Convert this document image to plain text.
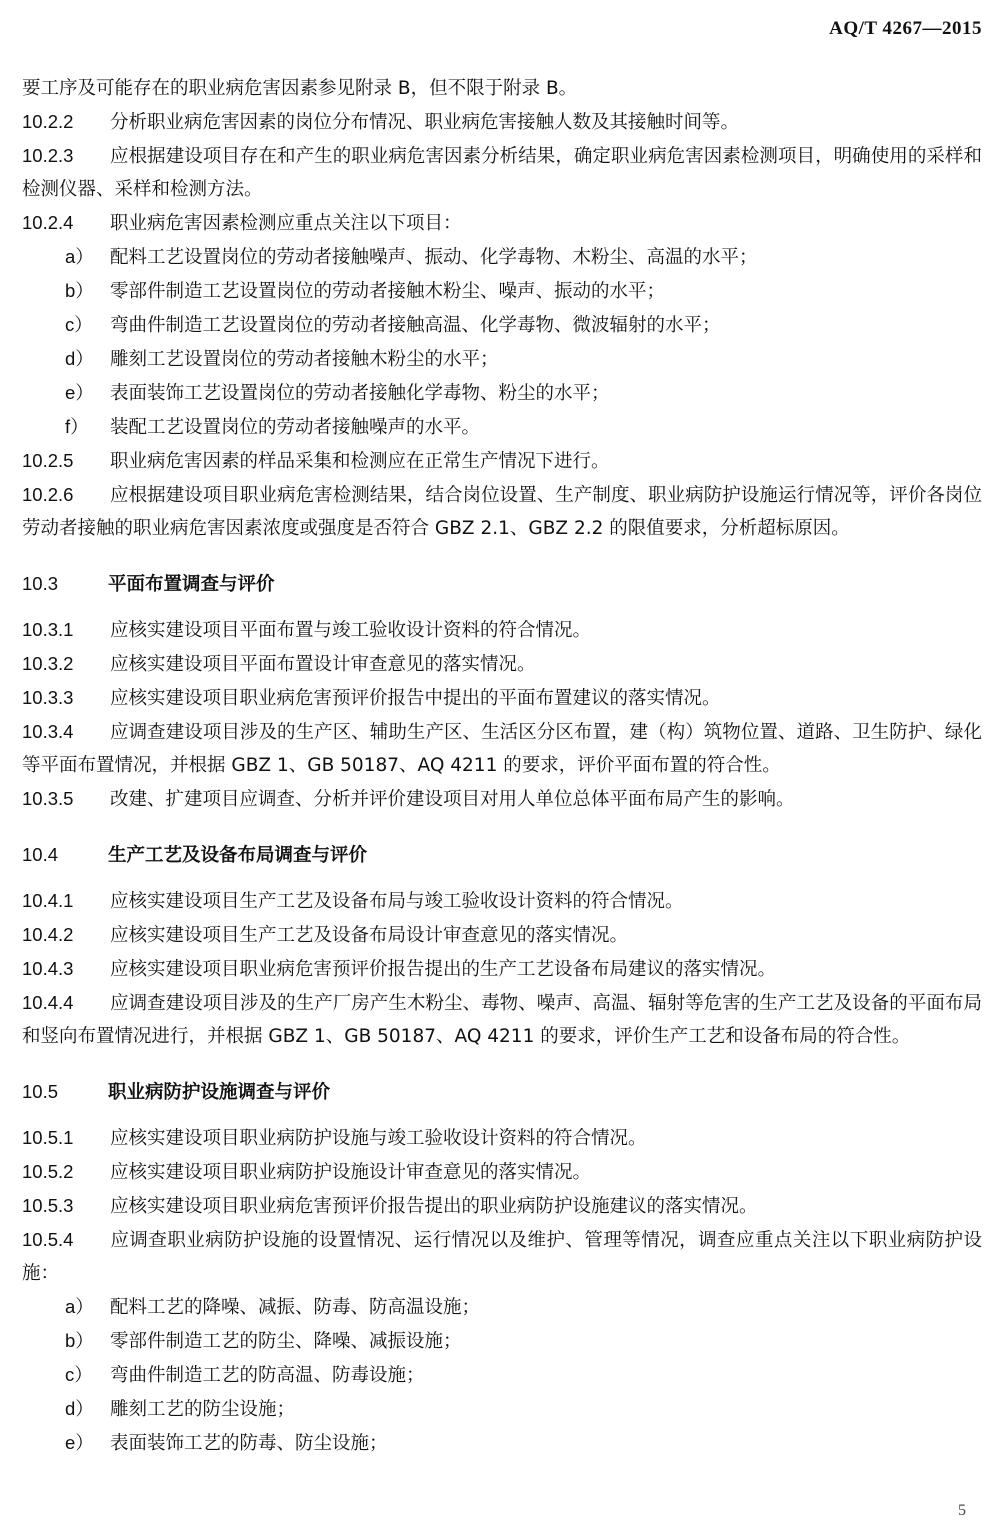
AQ/T 4267—2015

要工序及可能存在的职业病危害因素参见附录 B，但不限于附录 B。

10.2.2 分析职业病危害因素的岗位分布情况、职业病危害接触人数及其接触时间等。

10.2.3 应根据建设项目存在和产生的职业病危害因素分析结果，确定职业病危害因素检测项目，明确使用的采样和检测仪器、采样和检测方法。

10.2.4 职业病危害因素检测应重点关注以下项目：

a） 配料工艺设置岗位的劳动者接触噪声、振动、化学毒物、木粉尘、高温的水平；

b） 零部件制造工艺设置岗位的劳动者接触木粉尘、噪声、振动的水平；

c） 弯曲件制造工艺设置岗位的劳动者接触高温、化学毒物、微波辐射的水平；

d） 雕刻工艺设置岗位的劳动者接触木粉尘的水平；

e） 表面装饰工艺设置岗位的劳动者接触化学毒物、粉尘的水平；

f） 装配工艺设置岗位的劳动者接触噪声的水平。

10.2.5 职业病危害因素的样品采集和检测应在正常生产情况下进行。

10.2.6 应根据建设项目职业病危害检测结果，结合岗位设置、生产制度、职业病防护设施运行情况等，评价各岗位劳动者接触的职业病危害因素浓度或强度是否符合 GBZ 2.1、GBZ 2.2 的限值要求，分析超标原因。

10.3	平面布置调查与评价

10.3.1 应核实建设项目平面布置与竣工验收设计资料的符合情况。

10.3.2 应核实建设项目平面布置设计审查意见的落实情况。

10.3.3 应核实建设项目职业病危害预评价报告中提出的平面布置建议的落实情况。

10.3.4 应调查建设项目涉及的生产区、辅助生产区、生活区分区布置，建（构）筑物位置、道路、卫生防护、绿化等平面布置情况，并根据 GBZ 1、GB 50187、AQ 4211 的要求，评价平面布置的符合性。

10.3.5 改建、扩建项目应调查、分析并评价建设项目对用人单位总体平面布局产生的影响。

10.4	生产工艺及设备布局调查与评价

10.4.1 应核实建设项目生产工艺及设备布局与竣工验收设计资料的符合情况。

10.4.2 应核实建设项目生产工艺及设备布局设计审查意见的落实情况。

10.4.3 应核实建设项目职业病危害预评价报告提出的生产工艺设备布局建议的落实情况。

10.4.4 应调查建设项目涉及的生产厂房产生木粉尘、毒物、噪声、高温、辐射等危害的生产工艺及设备的平面布局和竖向布置情况进行，并根据 GBZ 1、GB 50187、AQ 4211 的要求，评价生产工艺和设备布局的符合性。

10.5	职业病防护设施调查与评价

10.5.1 应核实建设项目职业病防护设施与竣工验收设计资料的符合情况。

10.5.2 应核实建设项目职业病防护设施设计审查意见的落实情况。

10.5.3 应核实建设项目职业病危害预评价报告提出的职业病防护设施建议的落实情况。

10.5.4 应调查职业病防护设施的设置情况、运行情况以及维护、管理等情况，调查应重点关注以下职业病防护设施：

a） 配料工艺的降噪、减振、防毒、防高温设施；

b） 零部件制造工艺的防尘、降噪、减振设施；

c） 弯曲件制造工艺的防高温、防毒设施；

d） 雕刻工艺的防尘设施；

e） 表面装饰工艺的防毒、防尘设施；

5
